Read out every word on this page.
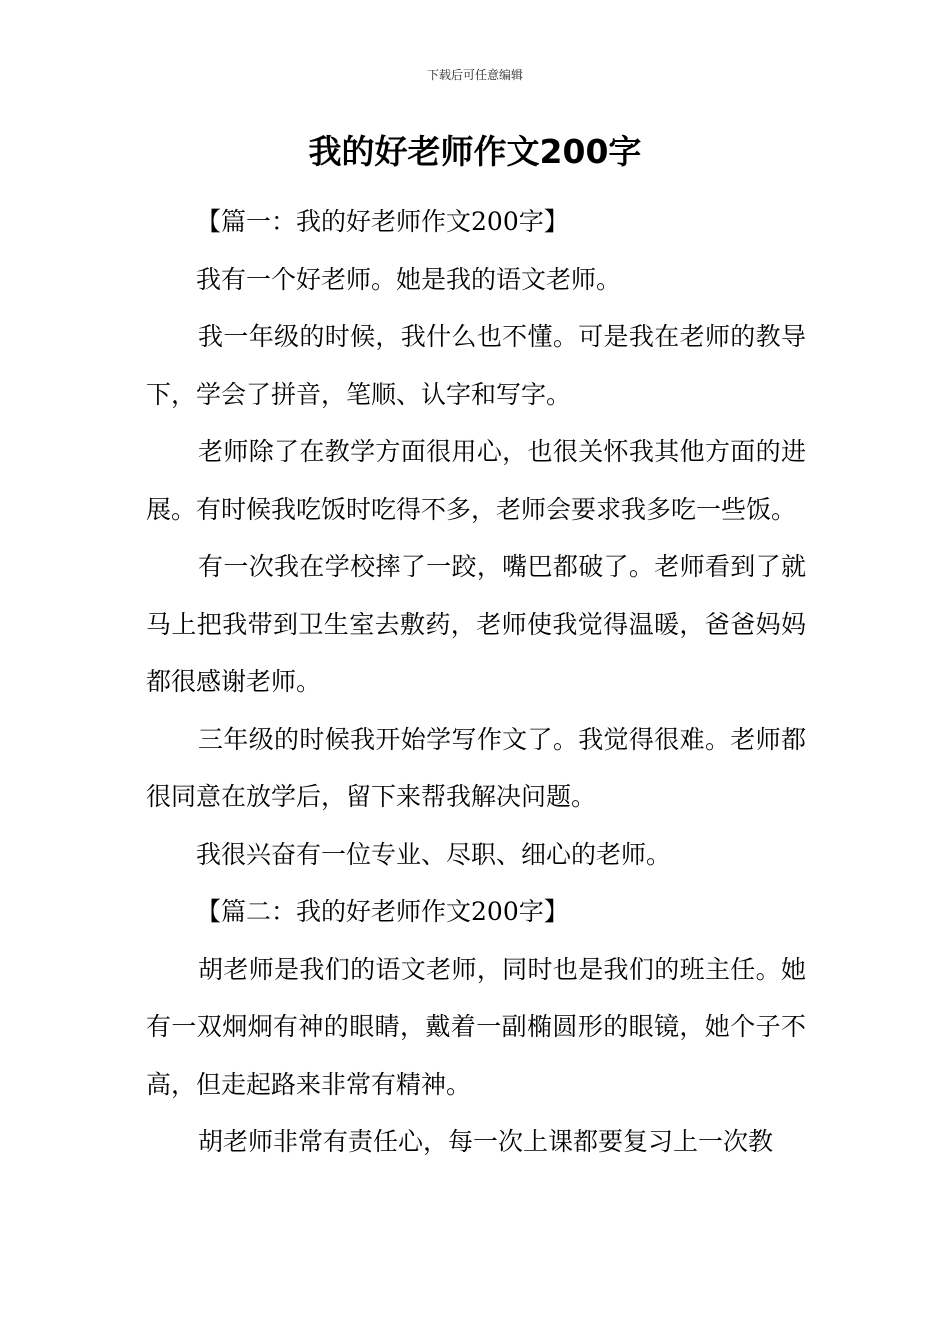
下载后可任意编辑
我的好老师作文200字

【篇一：我的好老师作文200字】

我有一个好老师。她是我的语文老师。

我一年级的时候，我什么也不懂。可是我在老师的教导下，学会了拼音，笔顺、认字和写字。

老师除了在教学方面很用心，也很关怀我其他方面的进展。有时候我吃饭时吃得不多，老师会要求我多吃一些饭。

有一次我在学校摔了一跤，嘴巴都破了。老师看到了就马上把我带到卫生室去敷药，老师使我觉得温暖，爸爸妈妈都很感谢老师。

三年级的时候我开始学写作文了。我觉得很难。老师都很同意在放学后，留下来帮我解决问题。

我很兴奋有一位专业、尽职、细心的老师。

【篇二：我的好老师作文200字】

胡老师是我们的语文老师，同时也是我们的班主任。她有一双炯炯有神的眼睛，戴着一副椭圆形的眼镜，她个子不高，但走起路来非常有精神。

胡老师非常有责任心，每一次上课都要复习上一次教
